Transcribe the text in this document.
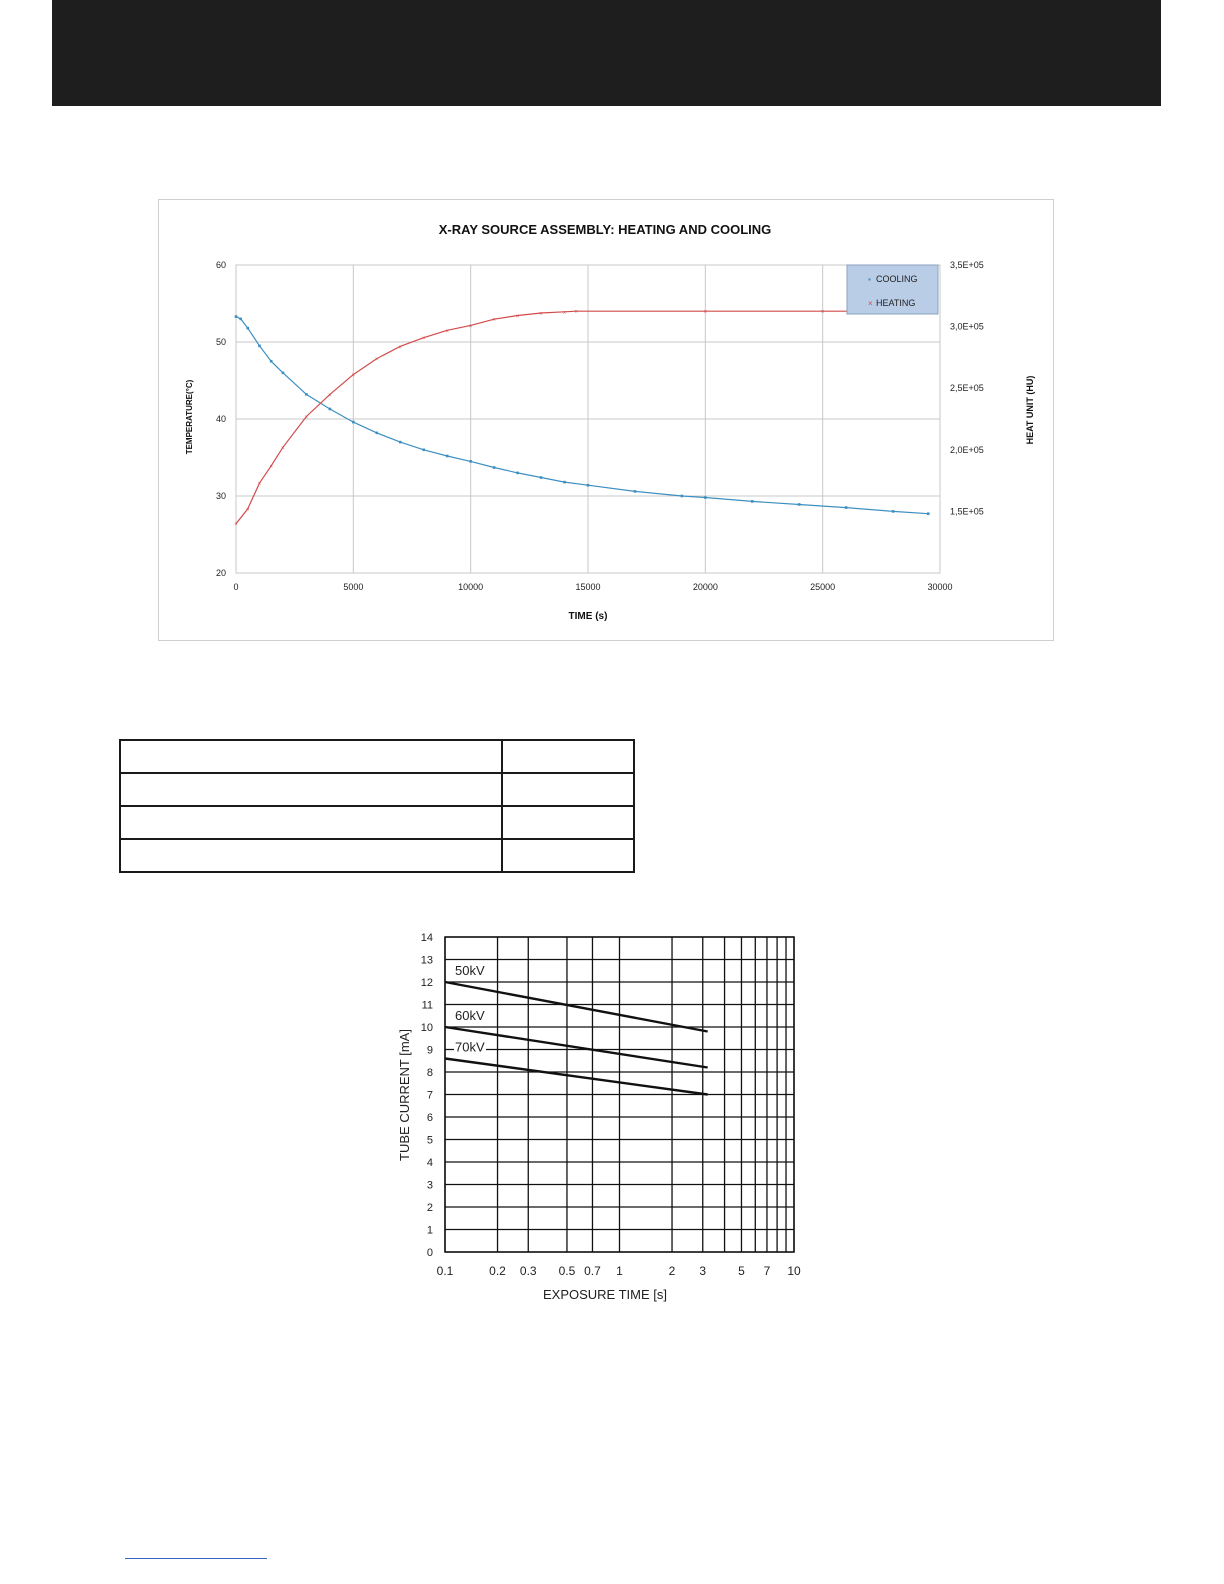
X-RAY SOURCE ASSEMBLY: HEATING AND COOLING
0	5000	10000	15000	20000	25000	30000
20
30
40
50
60
1,5E+05
2,0E+05
2,5E+05
3,0E+05
3,5E+05
×
×
×
×
×
×
×
×
×
×
×
×
×
×
×	×	× ×	×	×
TIME (s)
TEMPERATURE(°C)	HEAT UNIT (HU)
▪ COOLING
× HEATING

0.1	0.2 0.3 0.5 0.7 1	2 3	5 7 10
0
1
2
3
4
5
6
7
8
9
10
11
12
13
14
50kV
60kV
70kV
EXPOSURE TIME [s]
TUBE CURRENT [mA]
